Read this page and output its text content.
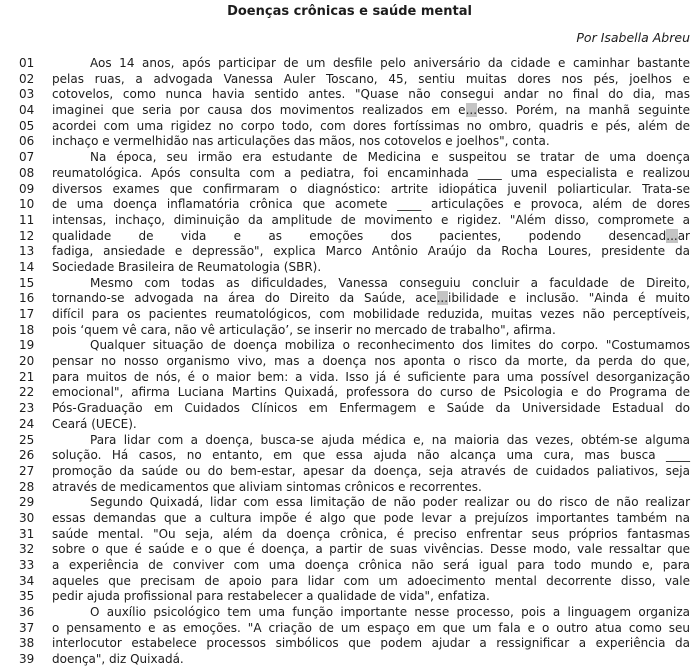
Doenças crônicas e saúde mental
Por Isabella Abreu
01	Aos 14 anos, após participar de um desfile pelo aniversário da cidade e caminhar bastante
02 pelas ruas, a advogada Vanessa Auler Toscano, 45, sentiu muitas dores nos pés, joelhos e
03 cotovelos, como nunca havia sentido antes. "Quase não consegui andar no final do dia, mas
04 imaginei que seria por causa dos movimentos realizados em e...esso. Porém, na manhã seguinte
05 acordei com uma rigidez no corpo todo, com dores fortíssimas no ombro, quadris e pés, além de
06 inchaço e vermelhidão nas articulações das mãos, nos cotovelos e joelhos", conta.
07	Na época, seu irmão era estudante de Medicina e suspeitou se tratar de uma doença
08 reumatológica. Após consulta com a pediatra, foi encaminhada ____ uma especialista e realizou
09 diversos exames que confirmaram o diagnóstico: artrite idiopática juvenil poliarticular. Trata-se
10 de uma doença inflamatória crônica que acomete ____ articulações e provoca, além de dores
11 intensas, inchaço, diminuição da amplitude de movimento e rigidez. "Além disso, compromete a
12 qualidade de vida e as emoções dos pacientes, podendo desencad...ar
13 fadiga, ansiedade e depressão", explica Marco Antônio Araújo da Rocha Loures, presidente da
14 Sociedade Brasileira de Reumatologia (SBR).
15	Mesmo com todas as dificuldades, Vanessa conseguiu concluir a faculdade de Direito,
16 tornando-se advogada na área do Direito da Saúde, ace...ibilidade e inclusão. "Ainda é muito
17 difícil para os pacientes reumatológicos, com mobilidade reduzida, muitas vezes não perceptíveis,
18 pois ‘quem vê cara, não vê articulação’, se inserir no mercado de trabalho", afirma.
19	Qualquer situação de doença mobiliza o reconhecimento dos limites do corpo. "Costumamos
20 pensar no nosso organismo vivo, mas a doença nos aponta o risco da morte, da perda do que,
21 para muitos de nós, é o maior bem: a vida. Isso já é suficiente para uma possível desorganização
22 emocional", afirma Luciana Martins Quixadá, professora do curso de Psicologia e do Programa de
23 Pós-Graduação em Cuidados Clínicos em Enfermagem e Saúde da Universidade Estadual do
24 Ceará (UECE).
25	Para lidar com a doença, busca-se ajuda médica e, na maioria das vezes, obtém-se alguma
26 solução. Há casos, no entanto, em que essa ajuda não alcança uma cura, mas busca ____
27 promoção da saúde ou do bem-estar, apesar da doença, seja através de cuidados paliativos, seja
28 através de medicamentos que aliviam sintomas crônicos e recorrentes.
29	Segundo Quixadá, lidar com essa limitação de não poder realizar ou do risco de não realizar
30 essas demandas que a cultura impõe é algo que pode levar a prejuízos importantes também na
31 saúde mental. "Ou seja, além da doença crônica, é preciso enfrentar seus próprios fantasmas
32 sobre o que é saúde e o que é doença, a partir de suas vivências. Desse modo, vale ressaltar que
33 a experiência de conviver com uma doença crônica não será igual para todo mundo e, para
34 aqueles que precisam de apoio para lidar com um adoecimento mental decorrente disso, vale
35 pedir ajuda profissional para restabelecer a qualidade de vida", enfatiza.
36	O auxílio psicológico tem uma função importante nesse processo, pois a linguagem organiza
37 o pensamento e as emoções. "A criação de um espaço em que um fala e o outro atua como seu
38 interlocutor estabelece processos simbólicos que podem ajudar a ressignificar a experiência da
39 doença", diz Quixadá.
